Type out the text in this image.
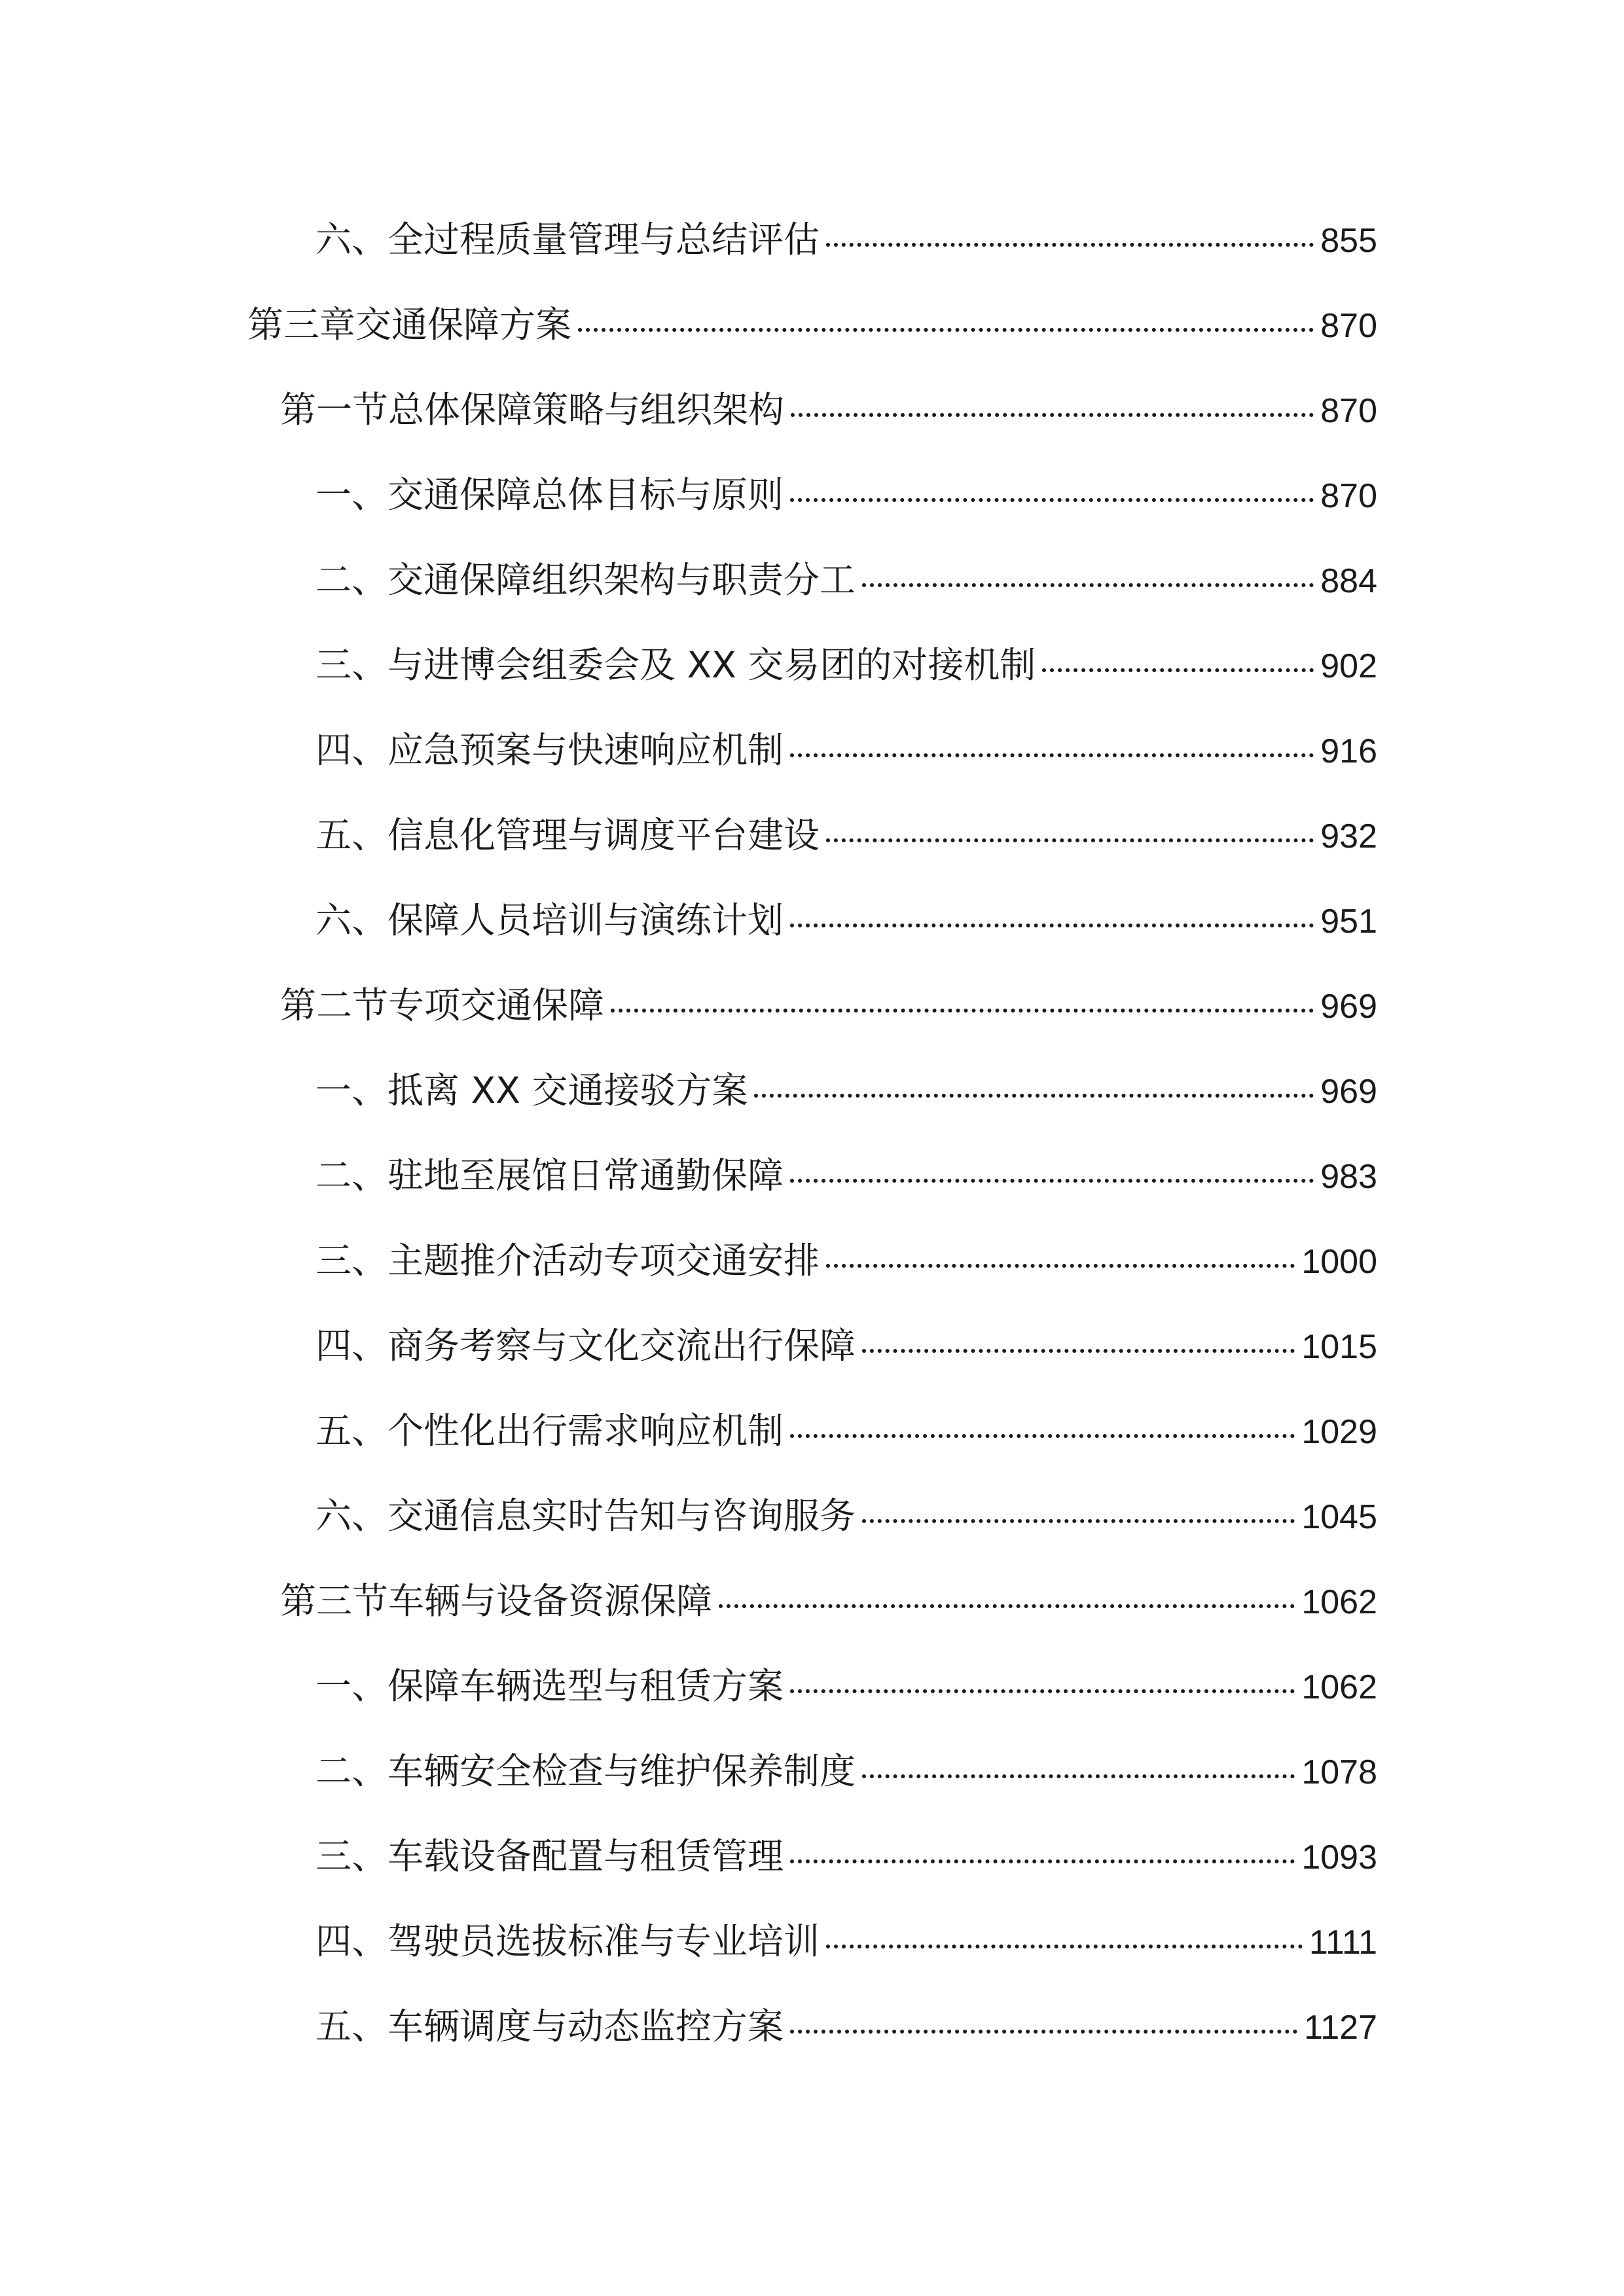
六、全过程质量管理与总结评估	855
第三章交通保障方案	870
第一节总体保障策略与组织架构	870
一、交通保障总体目标与原则	870
二、交通保障组织架构与职责分工	884
三、与进博会组委会及 XX 交易团的对接机制	902
四、应急预案与快速响应机制	916
五、信息化管理与调度平台建设	932
六、保障人员培训与演练计划	951
第二节专项交通保障	969
一、抵离 XX 交通接驳方案	969
二、驻地至展馆日常通勤保障	983
三、主题推介活动专项交通安排	1000
四、商务考察与文化交流出行保障	1015
五、个性化出行需求响应机制	1029
六、交通信息实时告知与咨询服务	1045
第三节车辆与设备资源保障	1062
一、保障车辆选型与租赁方案	1062
二、车辆安全检查与维护保养制度	1078
三、车载设备配置与租赁管理	1093
四、驾驶员选拔标准与专业培训	1111
五、车辆调度与动态监控方案	1127
